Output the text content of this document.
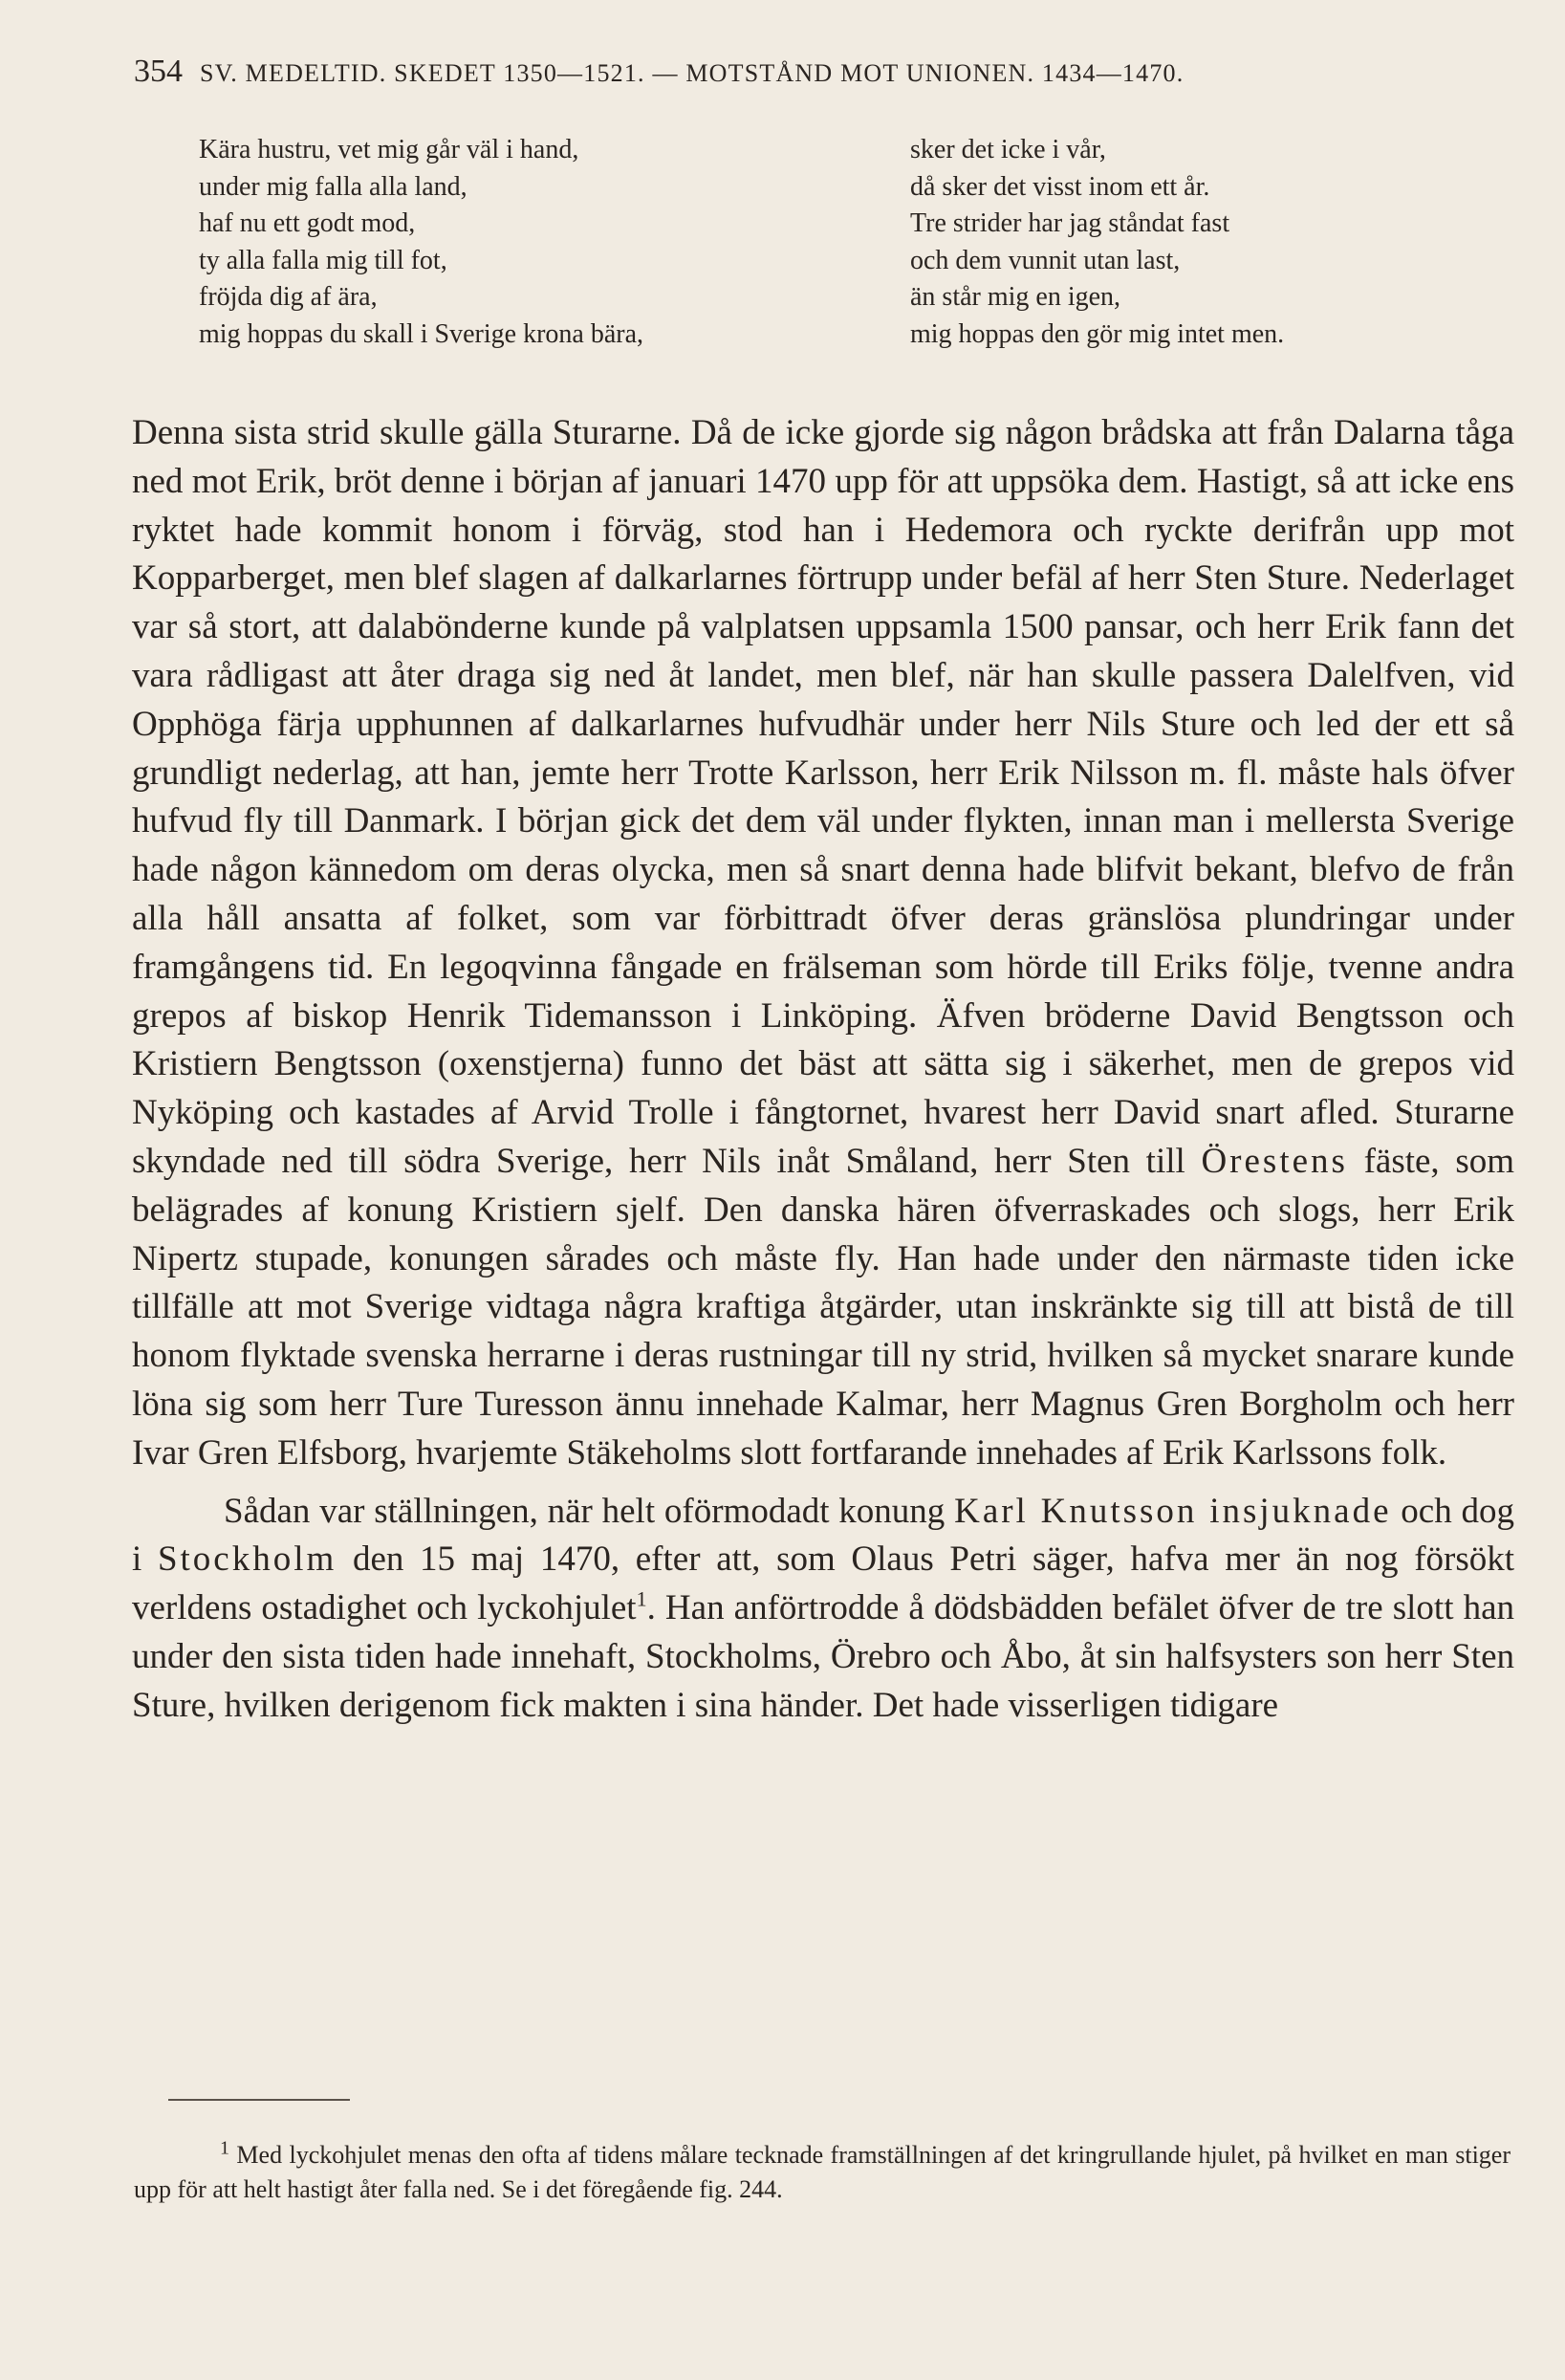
354 SV. MEDELTID. SKEDET 1350—1521. — MOTSTÅND MOT UNIONEN. 1434—1470.
Kära hustru, vet mig går väl i hand,
under mig falla alla land,
haf nu ett godt mod,
ty alla falla mig till fot,
fröjda dig af ära,
mig hoppas du skall i Sverige krona bära,
sker det icke i vår,
då sker det visst inom ett år.
Tre strider har jag ståndat fast
och dem vunnit utan last,
än står mig en igen,
mig hoppas den gör mig intet men.

Denna sista strid skulle gälla Sturarne. Då de icke gjorde sig någon brådska att från Dalarna tåga ned mot Erik, bröt denne i början af januari 1470 upp för att uppsöka dem. Hastigt, så att icke ens ryktet hade kommit honom i förväg, stod han i Hedemora och ryckte derifrån upp mot Kopparberget, men blef slagen af dalkarlarnes förtrupp under befäl af herr Sten Sture. Nederlaget var så stort, att dalabönderne kunde på valplatsen uppsamla 1500 pansar, och herr Erik fann det vara rådligast att åter draga sig ned åt landet, men blef, när han skulle passera Dalelfven, vid Opphöga färja upphunnen af dalkarlarnes hufvudhär under herr Nils Sture och led der ett så grundligt nederlag, att han, jemte herr Trotte Karlsson, herr Erik Nilsson m. fl. måste hals öfver hufvud fly till Danmark. I början gick det dem väl under flykten, innan man i mellersta Sverige hade någon kännedom om deras olycka, men så snart denna hade blifvit bekant, blefvo de från alla håll ansatta af folket, som var förbittradt öfver deras gränslösa plundringar under framgångens tid. En legoqvinna fångade en frälseman som hörde till Eriks följe, tvenne andra grepos af biskop Henrik Tidemansson i Linköping. Äfven bröderne David Bengtsson och Kristiern Bengtsson (oxenstjerna) funno det bäst att sätta sig i säkerhet, men de grepos vid Nyköping och kastades af Arvid Trolle i fångtornet, hvarest herr David snart afled. Sturarne skyndade ned till södra Sverige, herr Nils inåt Småland, herr Sten till Örestens fäste, som belägrades af konung Kristiern sjelf. Den danska hären öfverraskades och slogs, herr Erik Nipertz stupade, konungen sårades och måste fly. Han hade under den närmaste tiden icke tillfälle att mot Sverige vidtaga några kraftiga åtgärder, utan inskränkte sig till att bistå de till honom flyktade svenska herrarne i deras rustningar till ny strid, hvilken så mycket snarare kunde löna sig som herr Ture Turesson ännu innehade Kalmar, herr Magnus Gren Borgholm och herr Ivar Gren Elfsborg, hvarjemte Stäkeholms slott fortfarande innehades af Erik Karlssons folk.

Sådan var ställningen, när helt oförmodadt konung Karl Knutsson insjuknade och dog i Stockholm den 15 maj 1470, efter att, som Olaus Petri säger, hafva mer än nog försökt verldens ostadighet och lyckohjulet$^1$. Han anförtrodde å dödsbädden befälet öfver de tre slott han under den sista tiden hade innehaft, Stockholms, Örebro och Åbo, åt sin halfsysters son herr Sten Sture, hvilken derigenom fick makten i sina händer. Det hade visserligen tidigare

$^1$ Med lyckohjulet menas den ofta af tidens målare tecknade framställningen af det kringrullande hjulet, på hvilket en man stiger upp för att helt hastigt åter falla ned. Se i det föregående fig. 244.
